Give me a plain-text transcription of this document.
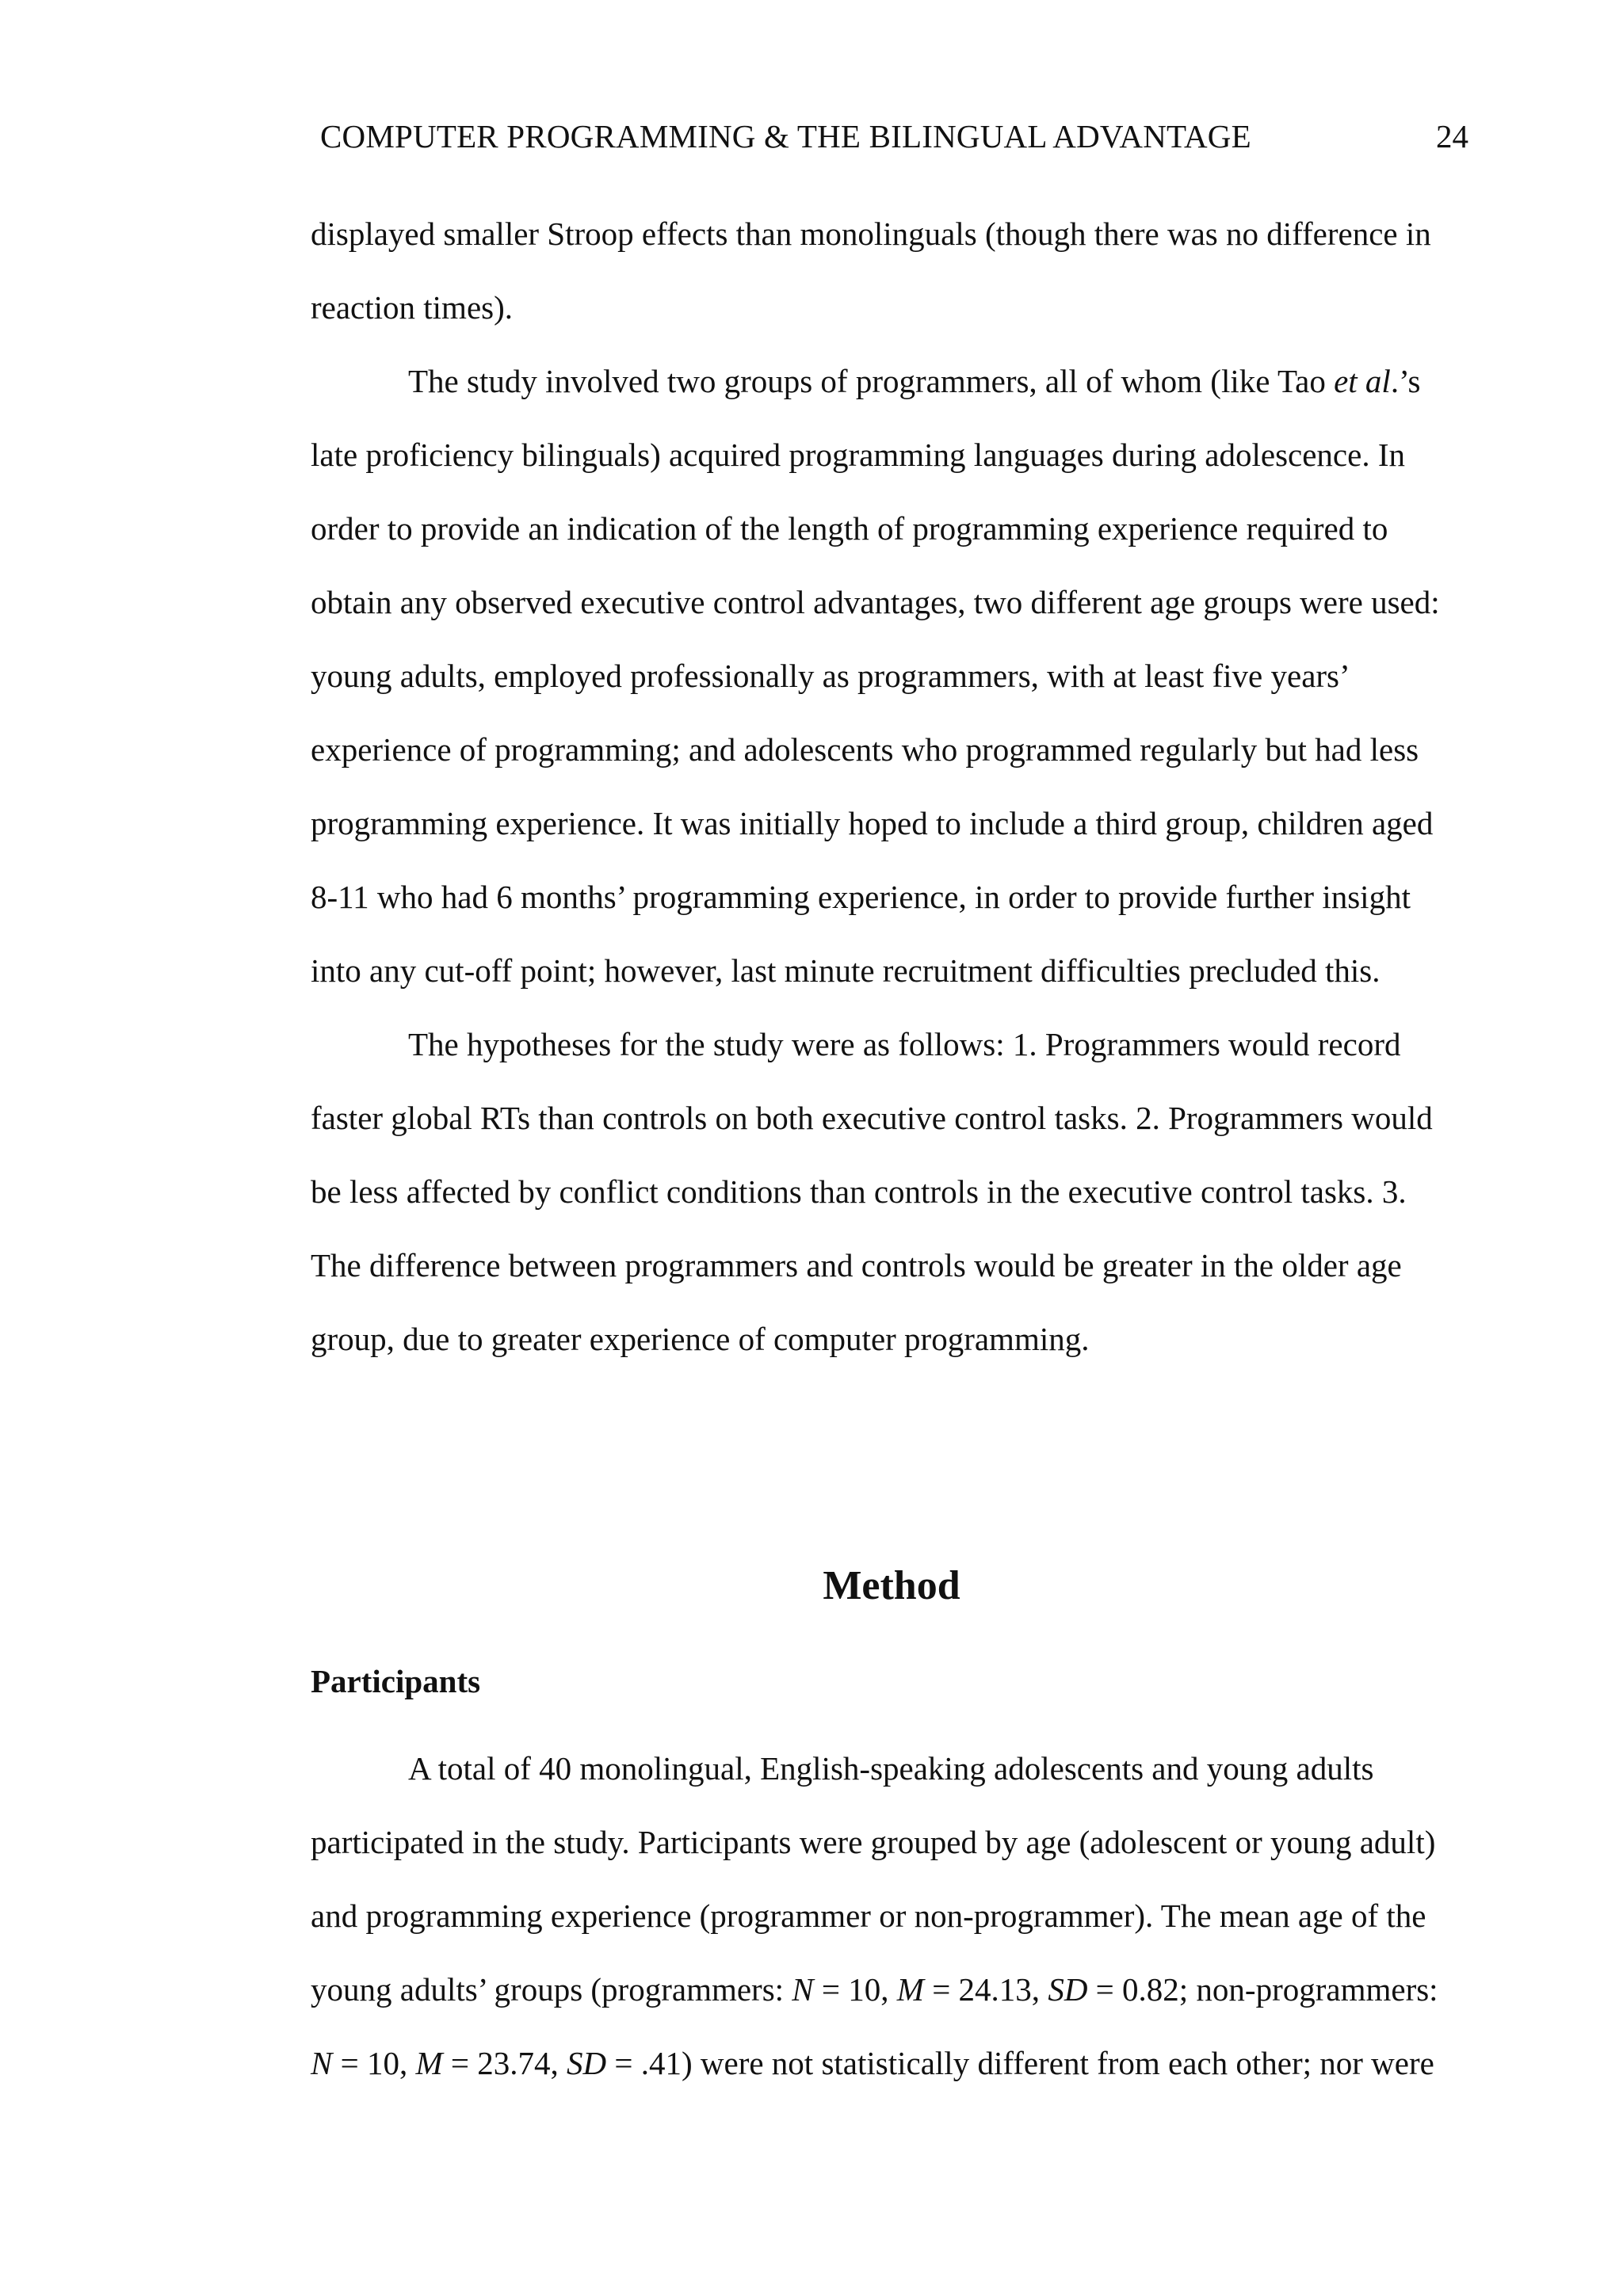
COMPUTER PROGRAMMING & THE BILINGUAL ADVANTAGE	24

displayed smaller Stroop effects than monolinguals (though there was no difference in
reaction times).

The study involved two groups of programmers, all of whom (like Tao et al.’s
late proficiency bilinguals) acquired programming languages during adolescence. In
order to provide an indication of the length of programming experience required to
obtain any observed executive control advantages, two different age groups were used:
young adults, employed professionally as programmers, with at least five years’
experience of programming; and adolescents who programmed regularly but had less
programming experience. It was initially hoped to include a third group, children aged
8-11 who had 6 months’ programming experience, in order to provide further insight
into any cut-off point; however, last minute recruitment difficulties precluded this.

The hypotheses for the study were as follows: 1. Programmers would record
faster global RTs than controls on both executive control tasks. 2. Programmers would
be less affected by conflict conditions than controls in the executive control tasks. 3.
The difference between programmers and controls would be greater in the older age
group, due to greater experience of computer programming.

Method
Participants

A total of 40 monolingual, English-speaking adolescents and young adults
participated in the study. Participants were grouped by age (adolescent or young adult)
and programming experience (programmer or non-programmer). The mean age of the
young adults’ groups (programmers: N = 10, M = 24.13, SD = 0.82; non-programmers:
N = 10, M = 23.74, SD = .41) were not statistically different from each other; nor were
